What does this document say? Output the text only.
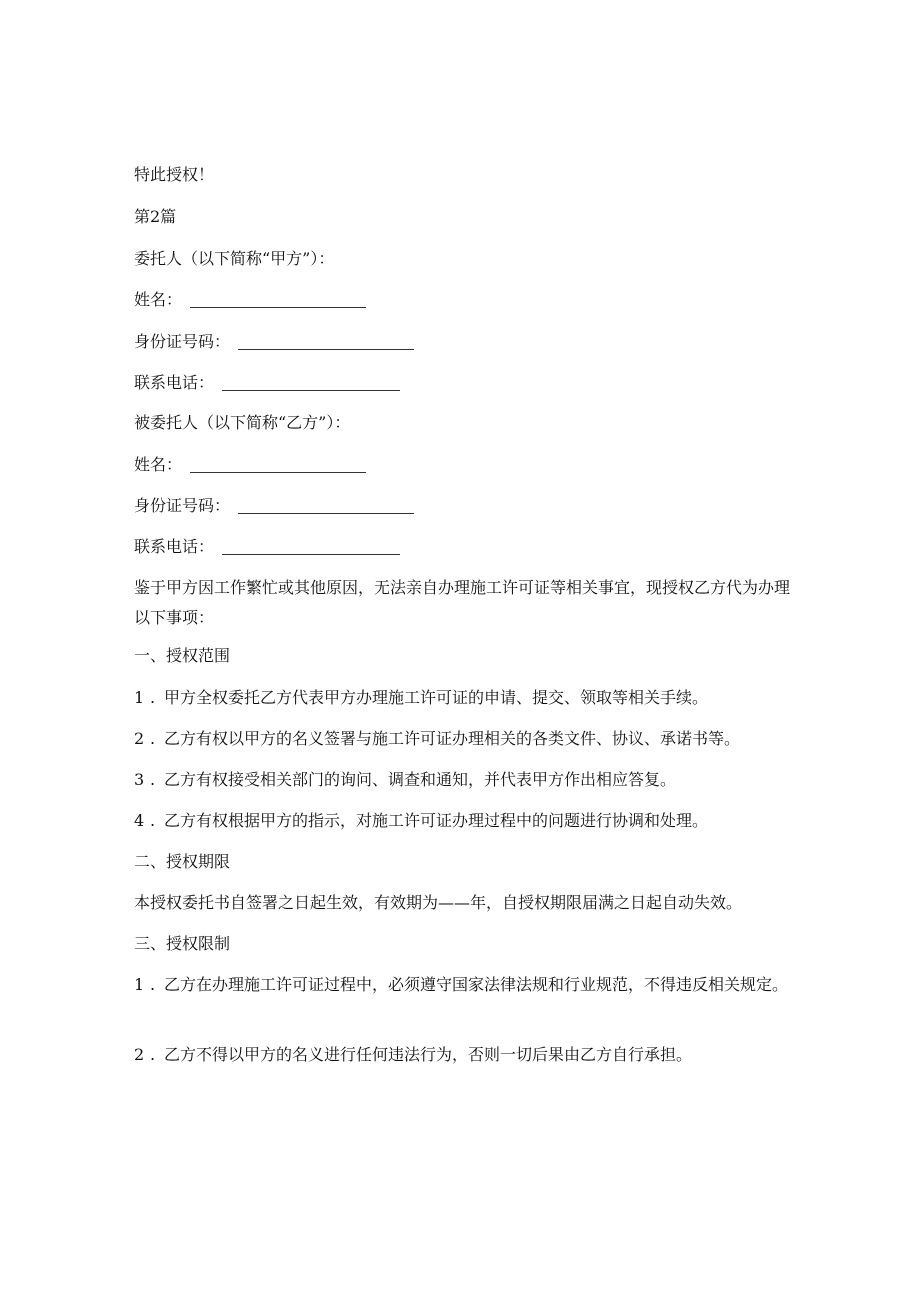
特此授权！
第2篇
委托人（以下简称“甲方”）：
姓名：
身份证号码：
联系电话：
被委托人（以下简称“乙方”）：
姓名：
身份证号码：
联系电话：
鉴于甲方因工作繁忙或其他原因，无法亲自办理施工许可证等相关事宜，现授权乙方代为办理以下事项：
一、授权范围
1 . 甲方全权委托乙方代表甲方办理施工许可证的申请、提交、领取等相关手续。
2 . 乙方有权以甲方的名义签署与施工许可证办理相关的各类文件、协议、承诺书等。
3 . 乙方有权接受相关部门的询问、调查和通知，并代表甲方作出相应答复。
4 . 乙方有权根据甲方的指示，对施工许可证办理过程中的问题进行协调和处理。
二、授权期限
本授权委托书自签署之日起生效，有效期为——年，自授权期限届满之日起自动失效。
三、授权限制
1 . 乙方在办理施工许可证过程中，必须遵守国家法律法规和行业规范，不得违反相关规定。
2 . 乙方不得以甲方的名义进行任何违法行为，否则一切后果由乙方自行承担。
